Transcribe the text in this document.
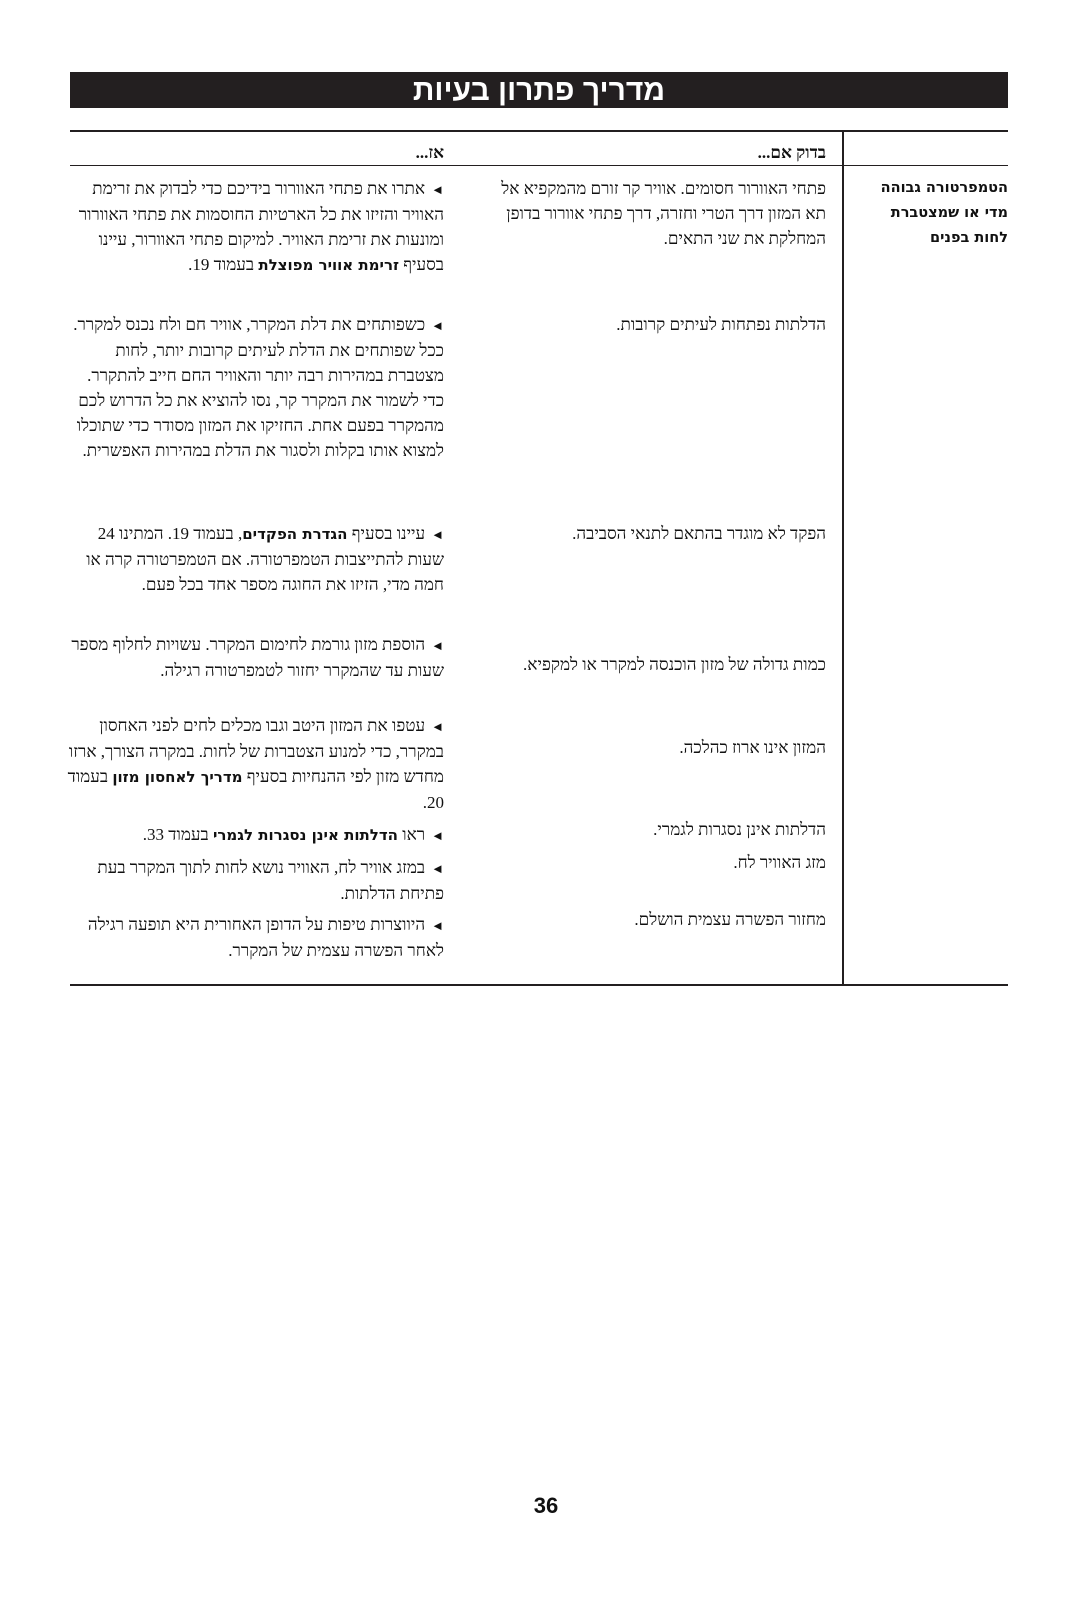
מדריך פתרון בעיות
בדוק אם...
אז...
הטמפרטורה גבוהה מדי או שמצטברת לחות בפנים
פתחי האוורור חסומים. אוויר קר זורם מהמקפיא אל תא המזון דרך הטרי וחזרה, דרך פתחי אוורור בדופן המחלקת את שני התאים.
◄אתרו את פתחי האוורור בידיכם כדי לבדוק את זרימת האוויר והזיזו את כל הארטיות החוסמות את פתחי האוורור ומונעות את זרימת האוויר. למיקום פתחי האוורור, עיינו בסעיף זרימת אוויר מפוצלת בעמוד 19.
הדלתות נפתחות לעיתים קרובות.
◄כשפותחים את דלת המקרר, אוויר חם ולח נכנס למקרר. ככל שפותחים את הדלת לעיתים קרובות יותר, לחות מצטברת במהירות רבה יותר והאוויר החם חייב להתקרר. כדי לשמור את המקרר קר, נסו להוציא את כל הדרוש לכם מהמקרר בפעם אחת. החזיקו את המזון מסודר כדי שתוכלו למצוא אותו בקלות ולסגור את הדלת במהירות האפשרית.
הפקד לא מוגדר בהתאם לתנאי הסביבה.
◄עיינו בסעיף הגדרת הפקדים, בעמוד 19. המתינו 24 שעות להתייצבות הטמפרטורה. אם הטמפרטורה קרה או חמה מדי, הזיזו את החוגה מספר אחד בכל פעם.
כמות גדולה של מזון הוכנסה למקרר או למקפיא.
◄הוספת מזון גורמת לחימום המקרר. עשויות לחלוף מספר שעות עד שהמקרר יחזור לטמפרטורה רגילה.
המזון אינו ארוז כהלכה.
◄עטפו את המזון היטב וגבו מכלים לחים לפני האחסון במקרר, כדי למנוע הצטברות של לחות. במקרה הצורך, ארזו מחדש מזון לפי ההנחיות בסעיף מדריך לאחסון מזון בעמוד 20.
הדלתות אינן נסגרות לגמרי.
◄ראו הדלתות אינן נסגרות לגמרי בעמוד 33.
מזג האוויר לח.
◄במזג אוויר לח, האוויר נושא לחות לתוך המקרר בעת פתיחת הדלתות.
מחזור הפשרה עצמית הושלם.
◄היווצרות טיפות על הדופן האחורית היא תופעה רגילה לאחר הפשרה עצמית של המקרר.
36
